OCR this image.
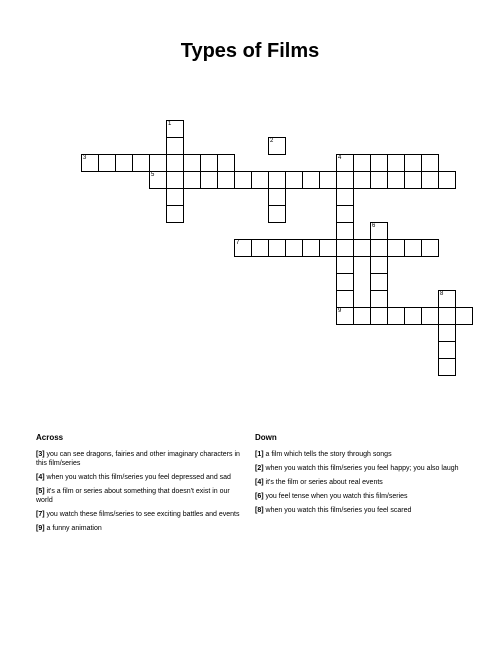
Types of Films
3
1
2
4
5
7
6
9
8
Across
[3] you can see dragons, fairies and other imaginary characters in this film/series
[4] when you watch this film/series you feel depressed and sad
[5] it's a film or series about something that doesn't exist in our world
[7] you watch these films/series to see exciting battles and events
[9] a funny animation
Down
[1] a film which tells the story through songs
[2] when you watch this film/series you feel happy; you also laugh
[4] it's the film or series about real events
[6] you feel tense when you watch this film/series
[8] when you watch this film/series you feel scared
